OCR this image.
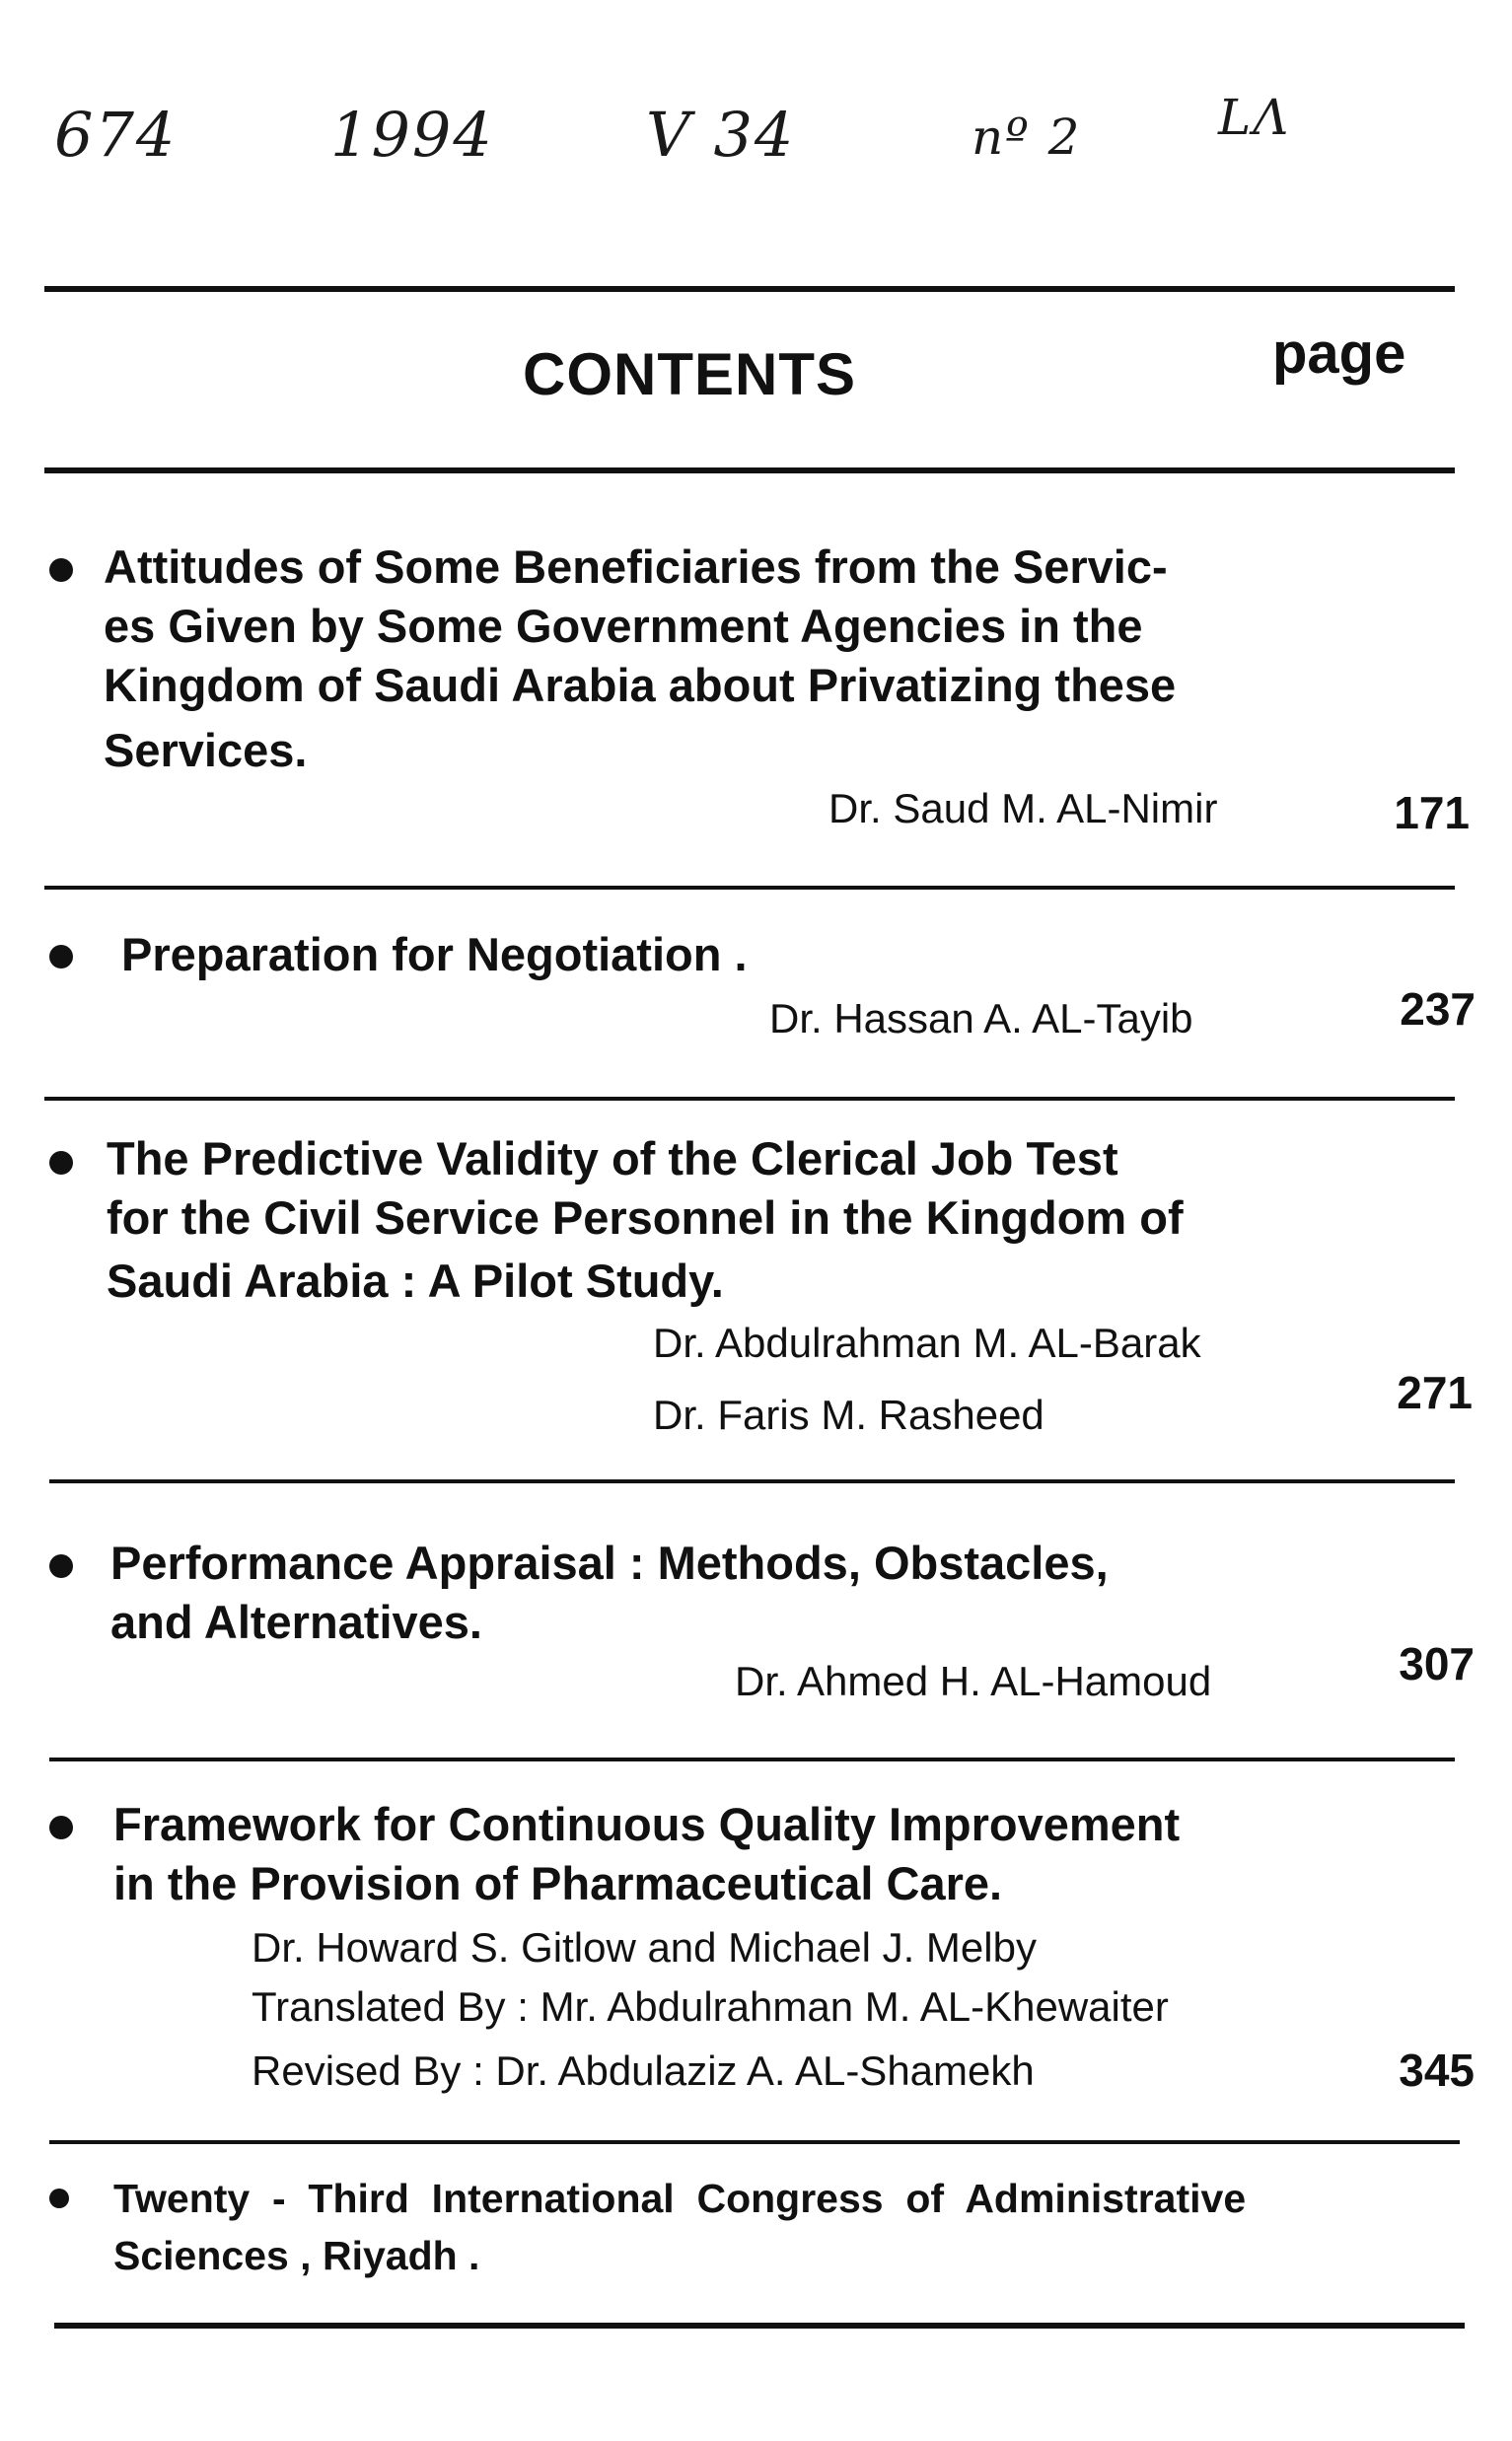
674	1994 V 34	nº 2	LΛ
CONTENTS	page
Attitudes of Some Beneficiaries from the Servic-
es Given by Some Government Agencies in the
Kingdom of Saudi Arabia about Privatizing these
Services.
Dr. Saud M. AL-Nimir	171
Preparation for Negotiation .
Dr. Hassan A. AL-Tayib	237
The Predictive Validity of the Clerical Job Test
for the Civil Service Personnel in the Kingdom of
Saudi Arabia : A Pilot Study.
Dr. Abdulrahman M. AL-Barak
Dr. Faris M. Rasheed	271
Performance Appraisal : Methods, Obstacles,
and Alternatives.
Dr. Ahmed H. AL-Hamoud	307
Framework for Continuous Quality Improvement
in the Provision of Pharmaceutical Care.
Dr. Howard S. Gitlow and Michael J. Melby
Translated By : Mr. Abdulrahman M. AL-Khewaiter
Revised By : Dr. Abdulaziz A. AL-Shamekh	345
Twenty  -  Third  International  Congress  of  Administrative
Sciences , Riyadh .
